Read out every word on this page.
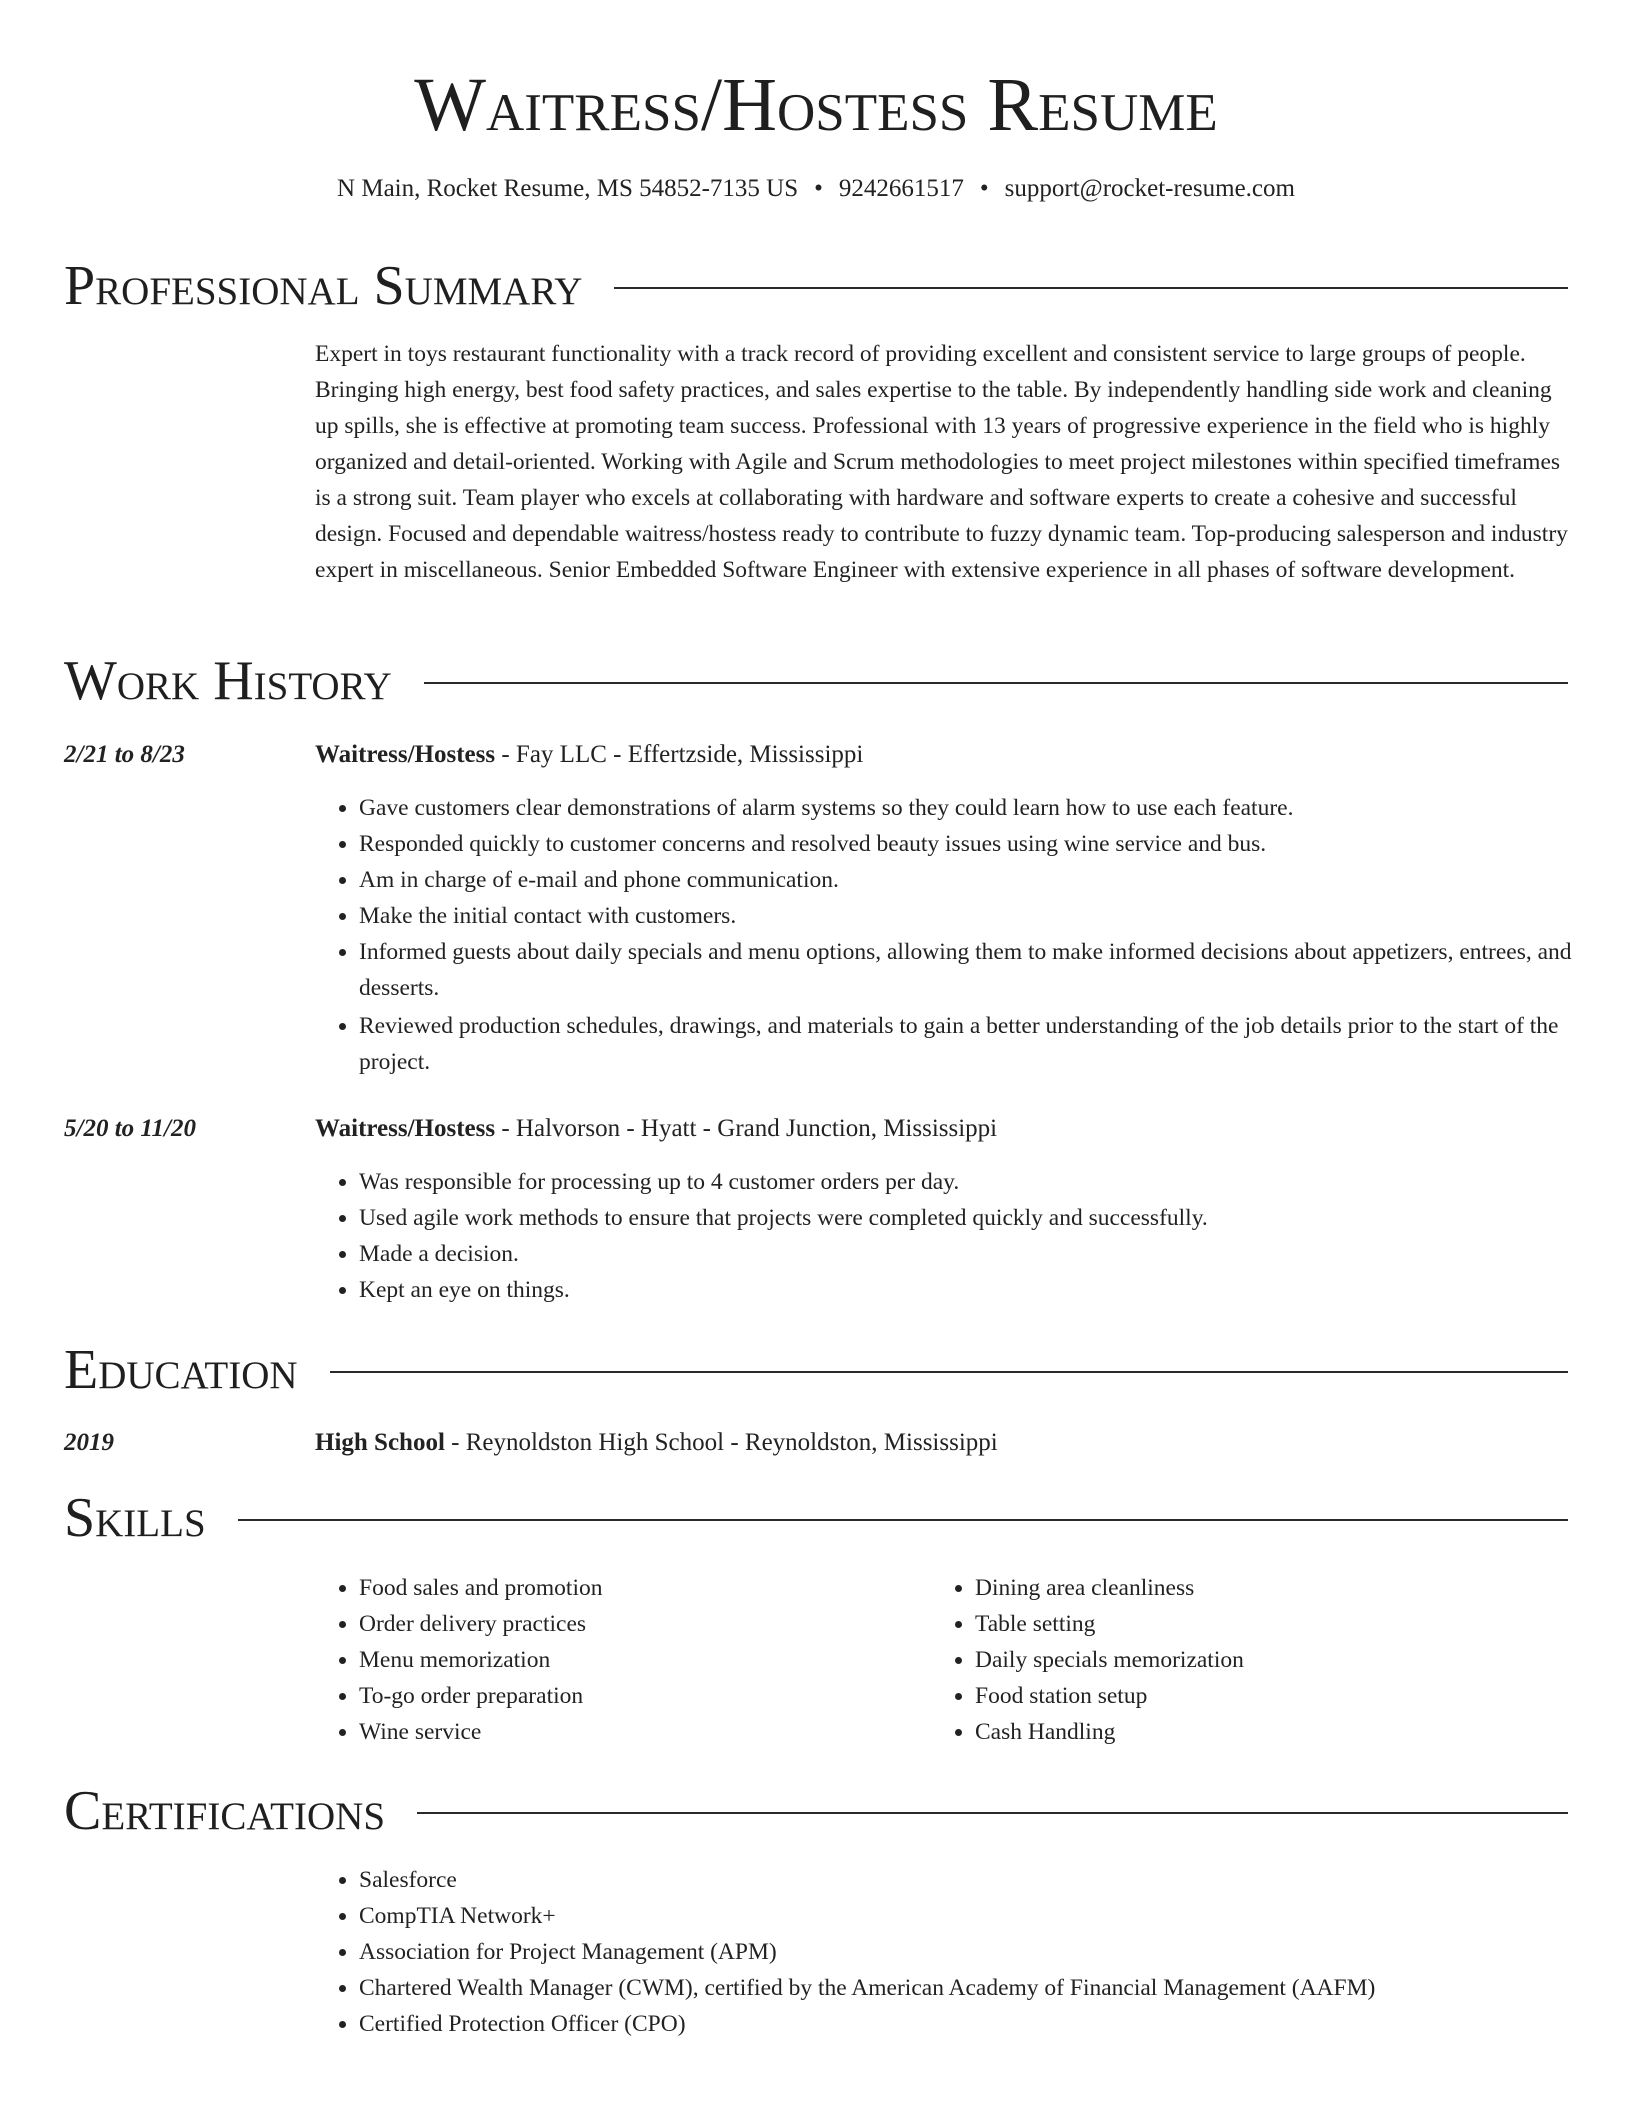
Waitress/Hostess Resume
N Main, Rocket Resume, MS 54852-7135 US • 9242661517 • support@rocket-resume.com
Professional Summary
Expert in toys restaurant functionality with a track record of providing excellent and consistent service to large groups of people. Bringing high energy, best food safety practices, and sales expertise to the table. By independently handling side work and cleaning up spills, she is effective at promoting team success. Professional with 13 years of progressive experience in the field who is highly organized and detail-oriented. Working with Agile and Scrum methodologies to meet project milestones within specified timeframes is a strong suit. Team player who excels at collaborating with hardware and software experts to create a cohesive and successful design. Focused and dependable waitress/hostess ready to contribute to fuzzy dynamic team. Top-producing salesperson and industry expert in miscellaneous. Senior Embedded Software Engineer with extensive experience in all phases of software development.
Work History
2/21 to 8/23	Waitress/Hostess - Fay LLC - Effertzside, Mississippi
• Gave customers clear demonstrations of alarm systems so they could learn how to use each feature.
• Responded quickly to customer concerns and resolved beauty issues using wine service and bus.
• Am in charge of e-mail and phone communication.
• Make the initial contact with customers.
• Informed guests about daily specials and menu options, allowing them to make informed decisions about appetizers, entrees, and desserts.
• Reviewed production schedules, drawings, and materials to gain a better understanding of the job details prior to the start of the project.
5/20 to 11/20	Waitress/Hostess - Halvorson - Hyatt - Grand Junction, Mississippi
• Was responsible for processing up to 4 customer orders per day.
• Used agile work methods to ensure that projects were completed quickly and successfully.
• Made a decision.
• Kept an eye on things.
Education
2019	High School - Reynoldston High School - Reynoldston, Mississippi
Skills
• Food sales and promotion
• Order delivery practices
• Menu memorization
• To-go order preparation
• Wine service
• Dining area cleanliness
• Table setting
• Daily specials memorization
• Food station setup
• Cash Handling
Certifications
• Salesforce
• CompTIA Network+
• Association for Project Management (APM)
• Chartered Wealth Manager (CWM), certified by the American Academy of Financial Management (AAFM)
• Certified Protection Officer (CPO)
